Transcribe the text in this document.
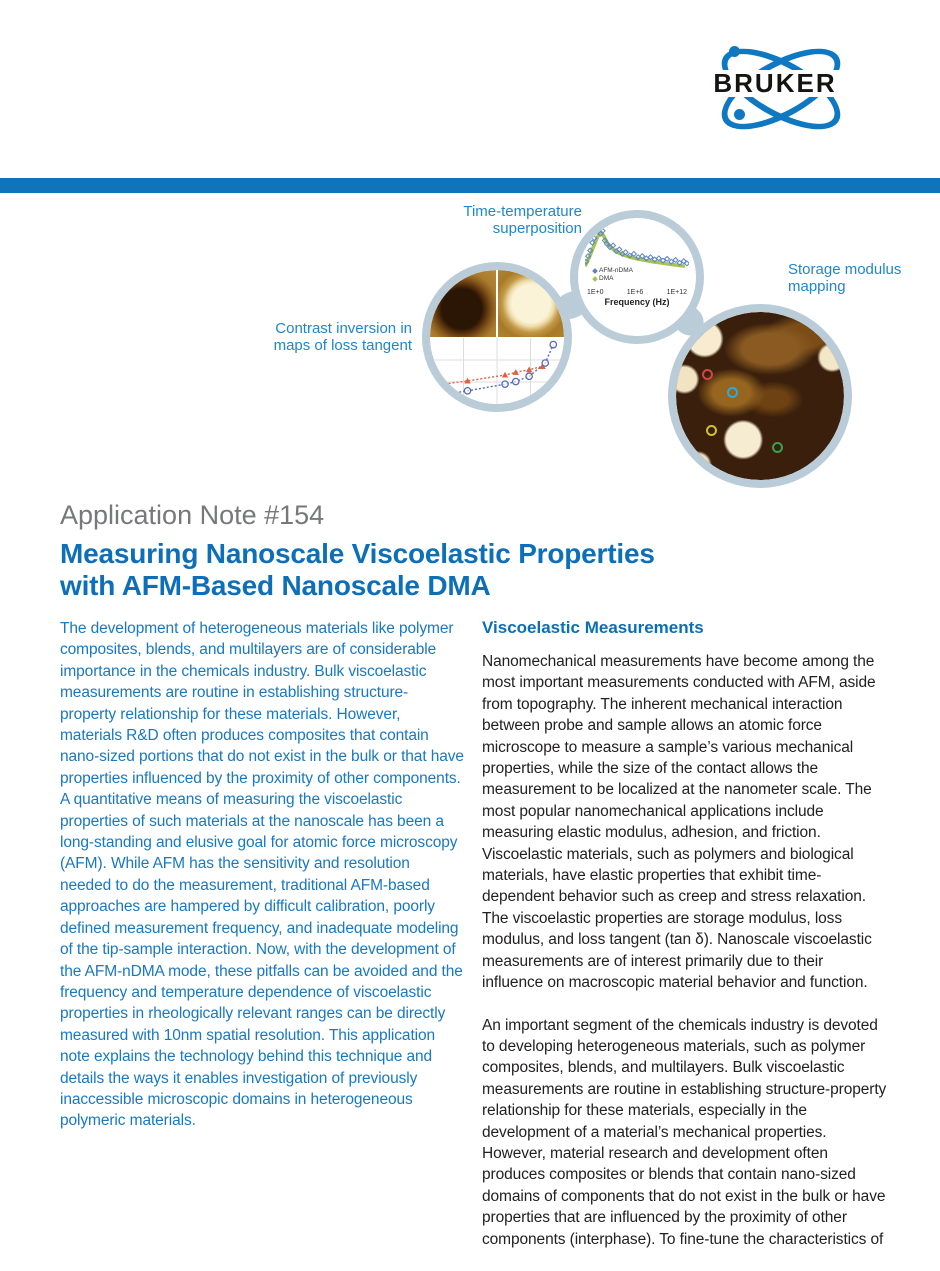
BRUKER
AFM-nDMA
DMA
1E+0	1E+6	1E+12
Frequency (Hz)
Time-temperature
superposition
Contrast inversion in
maps of loss tangent
Storage modulus
mapping
Application Note #154
Measuring Nanoscale Viscoelastic Properties
with AFM-Based Nanoscale DMA

The development of heterogeneous materials like polymer composites, blends, and multilayers are of considerable importance in the chemicals industry. Bulk viscoelastic measurements are routine in establishing structure-property relationship for these materials. However, materials R&D often produces composites that contain nano-sized portions that do not exist in the bulk or that have properties influenced by the proximity of other components. A quantitative means of measuring the viscoelastic properties of such materials at the nanoscale has been a long-standing and elusive goal for atomic force microscopy (AFM). While AFM has the sensitivity and resolution needed to do the measurement, traditional AFM-based approaches are hampered by difficult calibration, poorly defined measurement frequency, and inadequate modeling of the tip-sample interaction. Now, with the development of the AFM-nDMA mode, these pitfalls can be avoided and the frequency and temperature dependence of viscoelastic properties in rheologically relevant ranges can be directly measured with 10nm spatial resolution. This application note explains the technology behind this technique and details the ways it enables investigation of previously inaccessible microscopic domains in heterogeneous polymeric materials.

Viscoelastic Measurements

Nanomechanical measurements have become among the most important measurements conducted with AFM, aside from topography. The inherent mechanical interaction between probe and sample allows an atomic force microscope to measure a sample’s various mechanical properties, while the size of the contact allows the measurement to be localized at the nanometer scale. The most popular nanomechanical applications include measuring elastic modulus, adhesion, and friction. Viscoelastic materials, such as polymers and biological materials, have elastic properties that exhibit time-dependent behavior such as creep and stress relaxation. The viscoelastic properties are storage modulus, loss modulus, and loss tangent (tan δ). Nanoscale viscoelastic measurements are of interest primarily due to their influence on macroscopic material behavior and function.

An important segment of the chemicals industry is devoted to developing heterogeneous materials, such as polymer composites, blends, and multilayers. Bulk viscoelastic measurements are routine in establishing structure-property relationship for these materials, especially in the development of a material’s mechanical properties. However, material research and development often produces composites or blends that contain nano-sized domains of components that do not exist in the bulk or have properties that are influenced by the proximity of other components (interphase). To fine-tune the characteristics of
